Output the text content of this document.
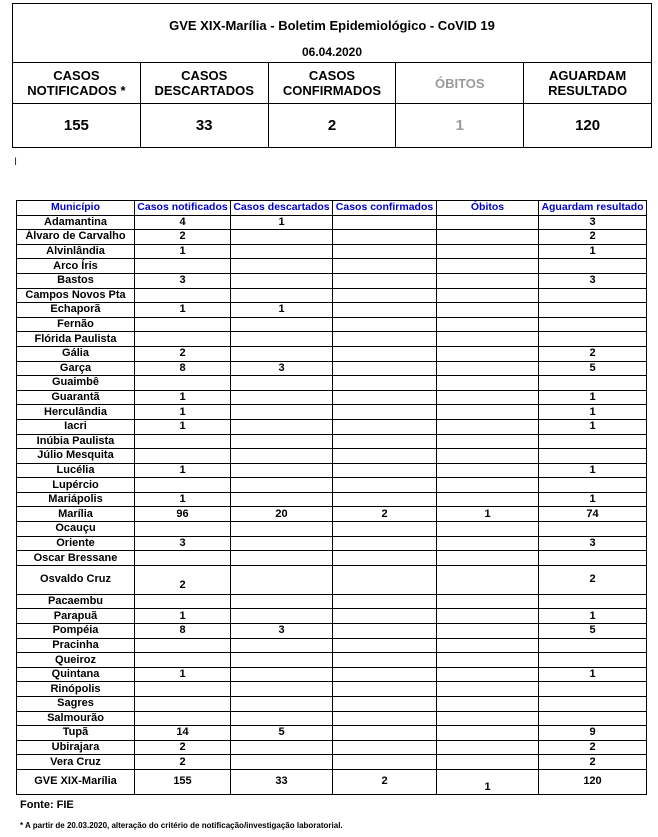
GVE XIX-Marília - Boletim Epidemiológico - CoVID 19
06.04.2020
CASOS NOTIFICADOS *
155
CASOS DESCARTADOS
33
CASOS CONFIRMADOS
2
ÓBITOS
1
AGUARDAM RESULTADO
120
I
Município	Casos notificados	Casos descartados	Casos confirmados	Óbitos	Aguardam resultado
Adamantina	4	1			3
Álvaro de Carvalho	2				2
Alvinlândia	1				1
Arco Íris					
Bastos	3				3
Campos Novos Pta					
Echaporã	1	1			
Fernão					
Flórida Paulista					
Gália	2				2
Garça	8	3			5
Guaimbê					
Guarantã	1				1
Herculândia	1				1
Iacri	1				1
Inúbia Paulista					
Júlio Mesquita					
Lucélia	1				1
Lupércio					
Mariápolis	1				1
Marília	96	20	2	1	74
Ocauçu					
Oriente	3				3
Oscar Bressane					
Osvaldo Cruz	2				2
Pacaembu					
Parapuã	1				1
Pompéia	8	3			5
Pracinha					
Queiroz					
Quintana	1				1
Rinópolis					
Sagres					
Salmourão					
Tupã	14	5			9
Ubirajara	2				2
Vera Cruz	2				2
GVE XIX-Marília	155	33	2	1	120
Fonte: FIE
* A partir de 20.03.2020, alteração do critério de notificação/investigação laboratorial.
